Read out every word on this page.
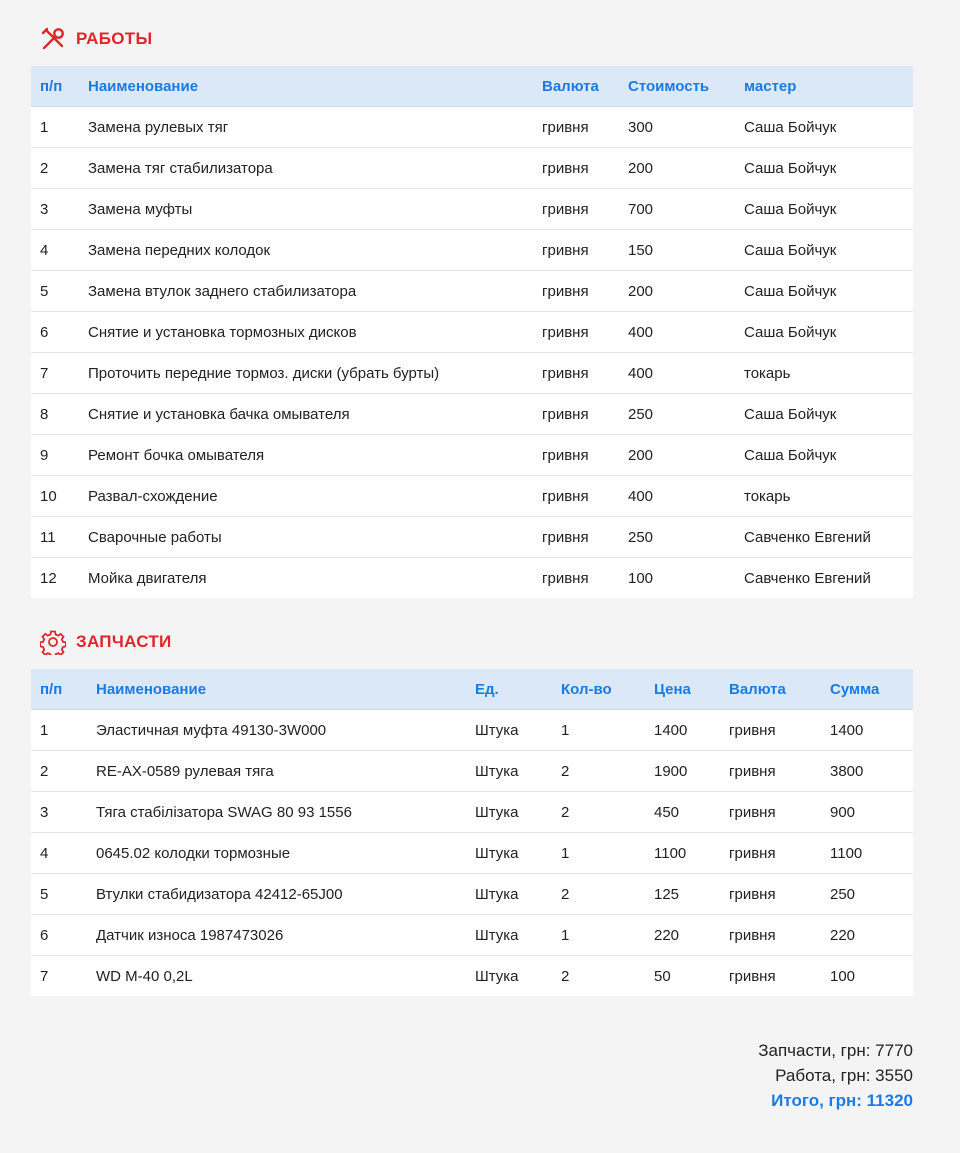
РАБОТЫ
п/п	Наименование	Валюта	Стоимость	мастер
1	Замена рулевых тяг	гривня	300	Саша Бойчук
2	Замена тяг стабилизатора	гривня	200	Саша Бойчук
3	Замена муфты	гривня	700	Саша Бойчук
4	Замена передних колодок	гривня	150	Саша Бойчук
5	Замена втулок заднего стабилизатора	гривня	200	Саша Бойчук
6	Снятие и установка тормозных дисков	гривня	400	Саша Бойчук
7	Проточить передние тормоз. диски (убрать бурты)	гривня	400	токарь
8	Снятие и установка бачка омывателя	гривня	250	Саша Бойчук
9	Ремонт бочка омывателя	гривня	200	Саша Бойчук
10	Развал-схождение	гривня	400	токарь
11	Сварочные работы	гривня	250	Савченко Евгений
12	Мойка двигателя	гривня	100	Савченко Евгений
ЗАПЧАСТИ
п/п	Наименование	Ед.	Кол-во	Цена	Валюта	Сумма
1	Эластичная муфта 49130-3W000	Штука	1	1400	гривня	1400
2	RE-AX-0589 рулевая тяга	Штука	2	1900	гривня	3800
3	Тяга стабілізатора SWAG 80 93 1556	Штука	2	450	гривня	900
4	0645.02 колодки тормозные	Штука	1	1100	гривня	1100
5	Втулки стабидизатора 42412-65J00	Штука	2	125	гривня	250
6	Датчик износа 1987473026	Штука	1	220	гривня	220
7	WD M-40 0,2L	Штука	2	50	гривня	100
Запчасти, грн: 7770
Работа, грн: 3550
Итого, грн: 11320
